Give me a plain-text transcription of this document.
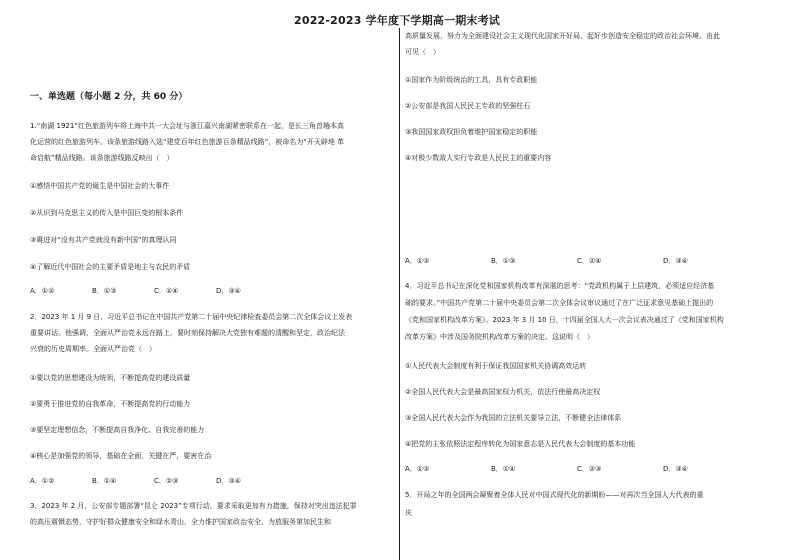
2022-2023 学年度下学期高一期末考试

一、单选题（每小题 2 分，共 60 分）

1.“南湖 1921”红色旅游列车将上海中共一大会址与浙江嘉兴南湖紧密联系在一起，是长三角首趟本高

化运营的红色旅游列车。该条旅游线路入选“建党百年红色旅游百条精品线路”，被命名为“开天辟地 革

命启航”精品线路。该条旅游线路反映出（　）

①感悟中国共产党的诞生是中国社会的大事件

②从识到马克思主义的传入是中国巨变的根本条件

③赓进对“没有共产党就没有新中国”的真理认同

④了解近代中国社会的主要矛盾是地主与农民的矛盾

A．①②	B．①③	C．②④	D．③④

2．2023 年 1 月 9 日，习近平总书记在中国共产党第二十届中央纪律检查委员会第二次全体会议上发表

重要讲话。他强调，全面从严治党永远在路上，要时刻保持解决大党独有难题的清醒和坚定，政治纪法

兴衰的历史周期率。全面从严治党（　）

①要以党的思想建设为统领，不断提高党的建设质量

②要勇于推进党的自我革命，不断提高党的行动能力

③要坚定理想信念，不断提高自我净化、自我完善的能力

④核心是加强党的领导，基础在全面，关键在严，要害在治

A．①②	B．①④	C．②③	D．③④

3．2023 年 2 月，公安部专题部署“昆仑 2023”专项行动，要求采取更加有力措施，保持对突出违法犯罪

的高压震慑态势，守护好群众健康安全和绿水青山，全力维护国家政治安全，为放服务第加民生和

高质量发展，努力为全面建设社会主义现代化国家开好局、起好步创造安全稳定的政治社会环境。由此

可见（　）

①国家作为阶级统治的工具，具有专政职能

②公安部是我国人民民主专政的坚强柱石

③我国国家政权担负着维护国家稳定的职能

④对极少数敌人实行专政是人民民主的重要内容

A．①②	B．①③	C．②④	D．③④

4．习近平总书记在深化党和国家机构改革有深湛的思考：“党政机构属于上层建筑，必须适应经济基

础的要求。”中国共产党第二十届中央委员会第二次全体会议审议通过了在广泛征求意见基础上提出的

《党和国家机构改革方案》。2023 年 3 月 10 日，十四届全国人大一次会议表决通过了《党和国家机构

改革方案》中涉及国务院机构改革方案的决定。这说明（　）

①人民代表大会制度有利于保证我国国家机关协调高效运转

②全国人民代表大会是最高国家权力机关，依法行使最高决定权

③全国人民代表大会作为我国的立法机关要导立法，不断健全法律体系

④把党的主张依照法定程序转化为国家意志是人民代表大会制度的基本功能

A．①②	B．①④	C．②③	D．③④

5．开局之年的全国两会凝聚着全体人民对中国式现代化的新期盼——对再次当全国人大代表的重

庆
